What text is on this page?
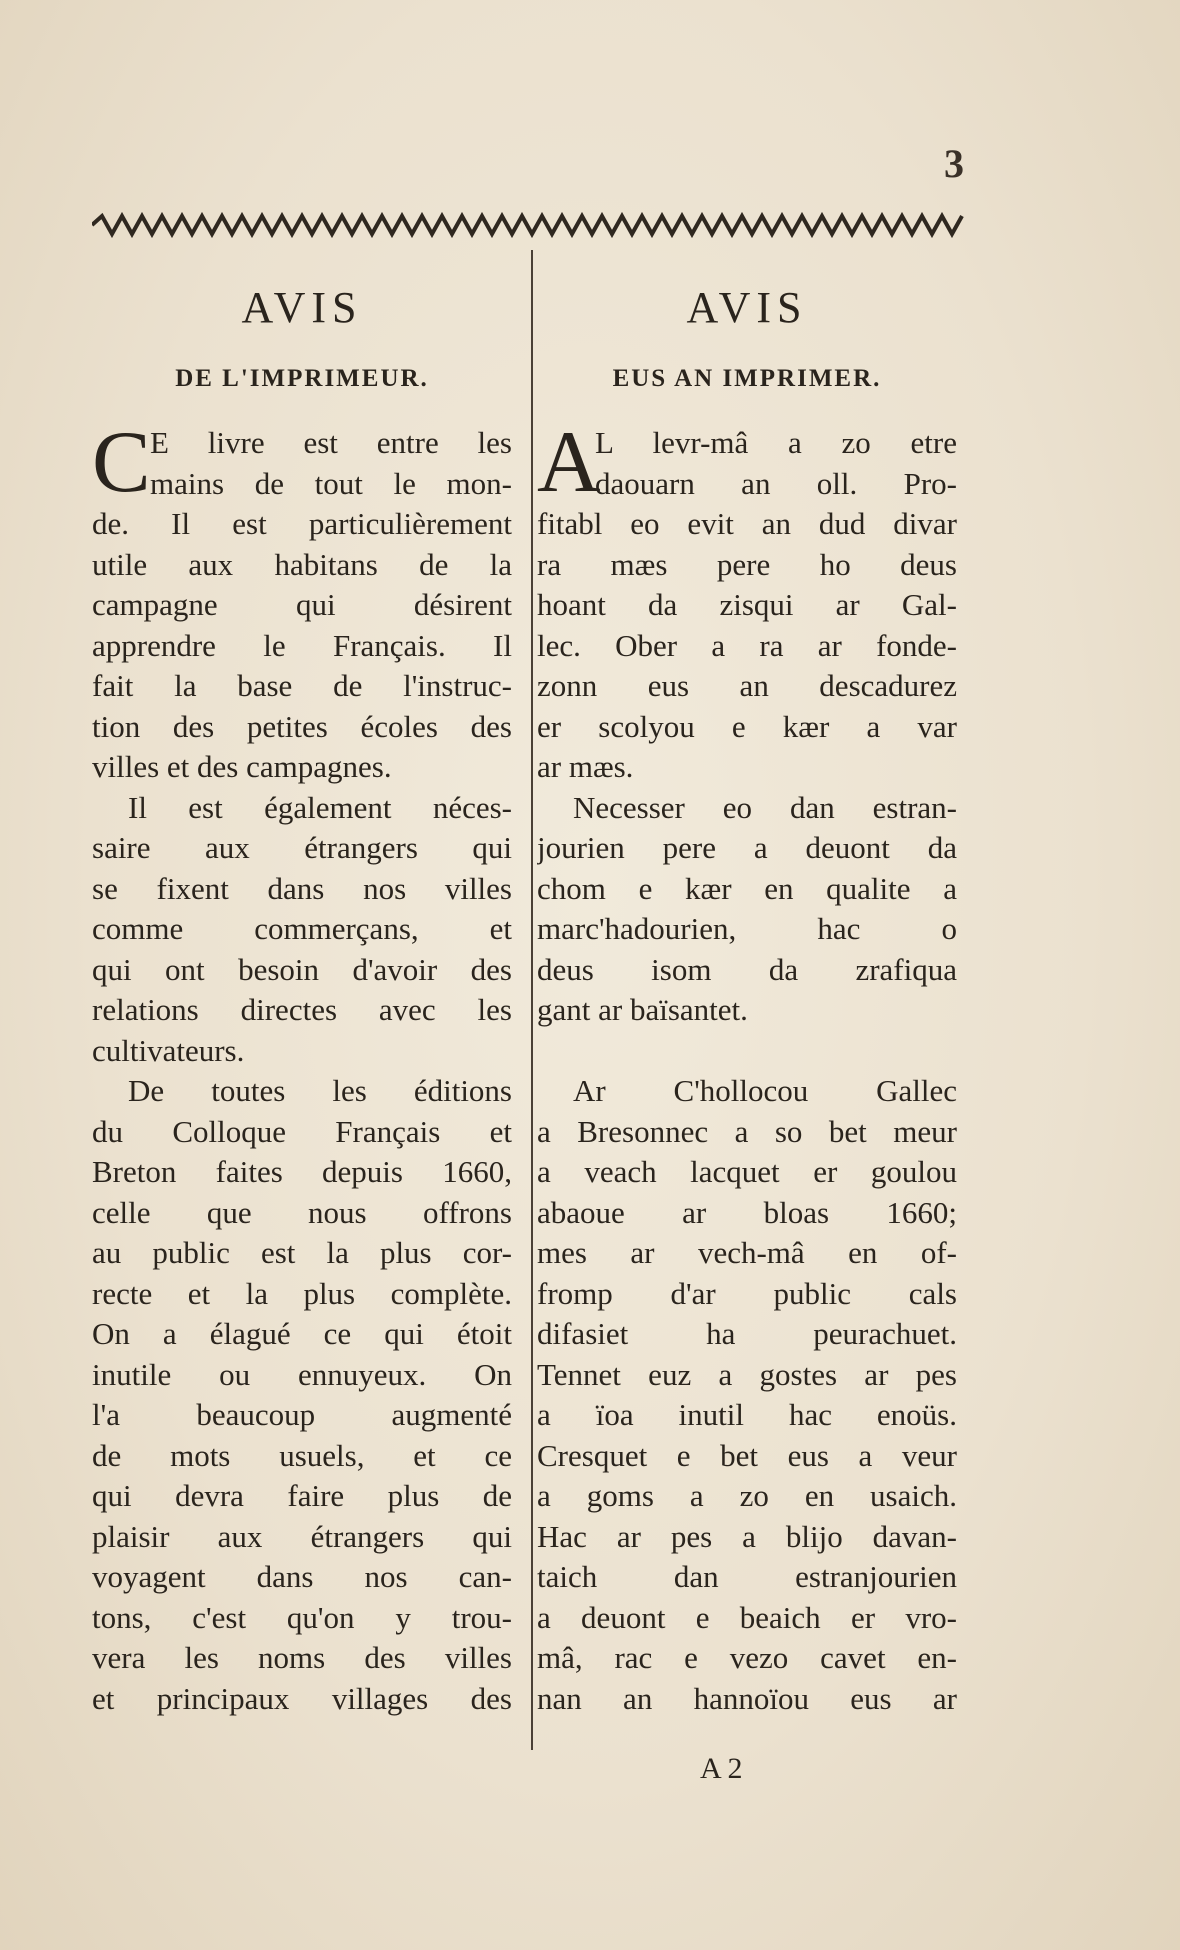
3
AVIS
DE L'IMPRIMEUR.
C E livre est entre les
mains de tout le mon-
de. Il est particulièrement
utile aux habitans de la
campagne qui désirent
apprendre le Français. Il
fait la base de l'instruc-
tion des petites écoles des
villes et des campagnes.
Il est également néces-
saire aux étrangers qui
se fixent dans nos villes
comme commerçans, et
qui ont besoin d'avoir des
relations directes avec les
cultivateurs.
De toutes les éditions
du Colloque Français et
Breton faites depuis 1660,
celle que nous offrons
au public est la plus cor-
recte et la plus complète.
On a élagué ce qui étoit
inutile ou ennuyeux. On
l'a beaucoup augmenté
de mots usuels, et ce
qui devra faire plus de
plaisir aux étrangers qui
voyagent dans nos can-
tons, c'est qu'on y trou-
vera les noms des villes
et principaux villages des
AVIS
EUS AN IMPRIMER.
A
L levr-mâ a zo etre
daouarn an oll. Pro-
fitabl eo evit an dud divar
ra mæs pere ho deus
hoant da zisqui ar Gal-
lec. Ober a ra ar fonde-
zonn eus an descadurez
er scolyou e kær a var
ar mæs.
Necesser eo dan estran-
jourien pere a deuont da
chom e kær en qualite a
marc'hadourien, hac o
deus isom da zrafiqua
gant ar baïsantet.
Ar C'hollocou Gallec
a Bresonnec a so bet meur
a veach lacquet er goulou
abaoue ar bloas 1660;
mes ar vech-mâ en of-
fromp d'ar public cals
difasiet ha peurachuet.
Tennet euz a gostes ar pes
a ïoa inutil hac enoüs.
Cresquet e bet eus a veur
a goms a zo en usaich.
Hac ar pes a blijo davan-
taich dan estranjourien
a deuont e beaich er vro-
mâ, rac e vezo cavet en-
nan an hannoïou eus ar
A 2
